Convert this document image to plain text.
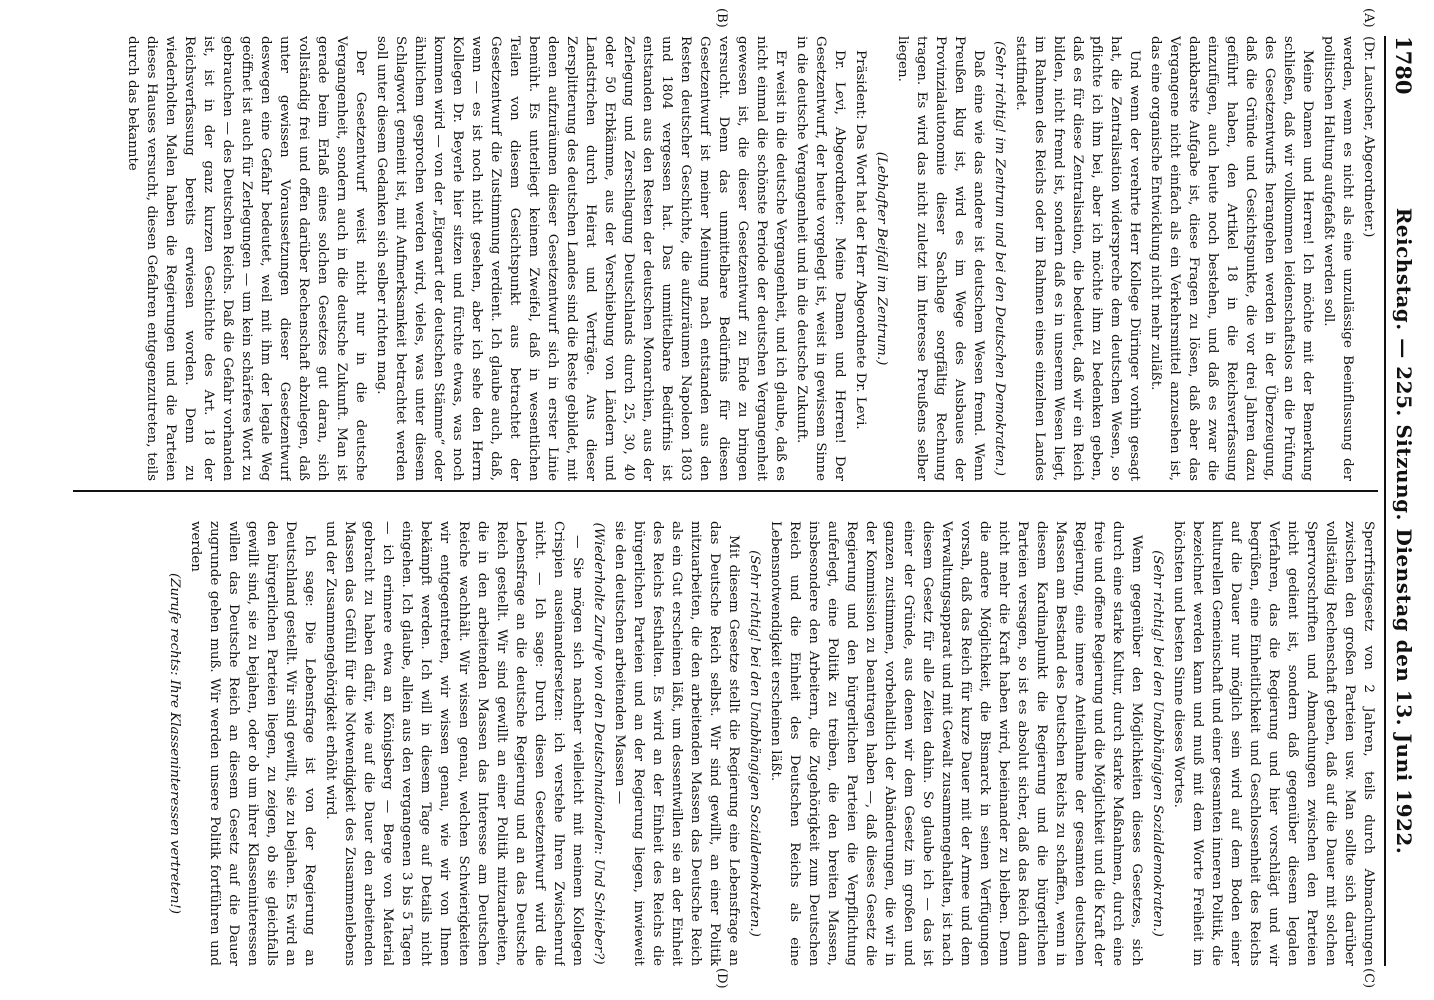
1780
Reichstag. — 225. Sitzung. Dienstag den 13. Juni 1922.
(A)
(B)
(C)
(D)

(Dr. Lauscher, Abgeordneter.)

werden, wenn es nicht als eine unzulässige Beeinflussung der politischen Haltung aufgefaßt werden soll.

Meine Damen und Herren! Ich möchte mit der Bemerkung schließen, daß wir vollkommen leidenschaftslos an die Prüfung des Gesetzentwurfs herangehen werden in der Überzeugung, daß die Gründe und Gesichtspunkte, die vor drei Jahren dazu geführt haben, den Artikel 18 in die Reichsverfassung einzufügen, auch heute noch bestehen, und daß es zwar die dankbarste Aufgabe ist, diese Fragen zu lösen, daß aber das Vergangene nicht einfach als ein Verkehrsmittel anzusehen ist, das eine organische Entwicklung nicht mehr zuläßt.

Und wenn der verehrte Herr Kollege Düringer vorhin gesagt hat, die Zentralisation widerspreche dem deutschen Wesen, so pflichte ich ihm bei, aber ich möchte ihm zu bedenken geben, daß es für diese Zentralisation, die bedeutet, daß wir ein Reich bilden, nicht fremd ist, sondern daß es in unserem Wesen liegt, im Rahmen des Reichs oder im Rahmen eines einzelnen Landes stattfindet.

(Sehr richtig! im Zentrum und bei den Deutschen Demokraten.)

Daß eine wie das andere ist deutschem Wesen fremd. Wenn Preußen klug ist, wird es im Wege des Ausbaues der Provinzialautonomie dieser Sachlage sorgfältig Rechnung tragen. Es wird das nicht zuletzt im Interesse Preußens selber liegen.

(Lebhafter Beifall im Zentrum.)

Präsident: Das Wort hat der Herr Abgeordnete Dr. Levi.

Dr. Levi, Abgeordneter: Meine Damen und Herren! Der Gesetzentwurf, der heute vorgelegt ist, weist in gewissem Sinne in die deutsche Vergangenheit und in die deutsche Zukunft.

Er weist in die deutsche Vergangenheit, und ich glaube, daß es nicht einmal die schönste Periode der deutschen Vergangenheit gewesen ist, die dieser Gesetzentwurf zu Ende zu bringen versucht. Denn das unmittelbare Bedürfnis für diesen Gesetzentwurf ist meiner Meinung nach entstanden aus den Resten deutscher Geschichte, die aufzuräumen Napoleon 1803 und 1804 vergessen hat. Das unmittelbare Bedürfnis ist entstanden aus den Resten der deutschen Monarchien, aus der Zerlegung und Zerschlagung Deutschlands durch 25, 30, 40 oder 50 Erbkämme, aus der Verschiebung von Ländern und Landstrichen durch Heirat und Verträge. Aus dieser Zersplitterung des deutschen Landes sind die Reste gebildet, mit denen aufzuräumen dieser Gesetzentwurf sich in erster Linie bemüht. Es unterliegt keinem Zweifel, daß in wesentlichen Teilen von diesem Gesichtspunkt aus betrachtet der Gesetzentwurf die Zustimmung verdient. Ich glaube auch, daß, wenn — es ist noch nicht gesehen, aber ich sehe den Herrn Kollegen Dr. Beyerle hier sitzen und fürchte etwas, was noch kommen wird — von der „Eigenart der deutschen Stämme“ oder ähnlichem gesprochen werden wird, vieles, was unter diesem Schlagwort gemeint ist, mit Aufmerksamkeit betrachtet werden soll unter diesem Gedanken sich selber richten mag.

Der Gesetzentwurf weist nicht nur in die deutsche Vergangenheit, sondern auch in die deutsche Zukunft. Man ist gerade beim Erlaß eines solchen Gesetzes gut daran, sich vollständig frei und offen darüber Rechenschaft abzulegen, daß unter gewissen Voraussetzungen dieser Gesetzentwurf deswegen eine Gefahr bedeutet, weil mit ihm der legale Weg geöffnet ist auch für Zerlegungen — um kein schärferes Wort zu gebrauchen — des Deutschen Reichs. Daß die Gefahr vorhanden ist, ist in der ganz kurzen Geschichte des Art. 18 der Reichsverfassung bereits erwiesen worden. Denn zu wiederholten Malen haben die Regierungen und die Parteien dieses Hauses versucht, diesen Gefahren entgegenzutreten, teils durch das bekannte

Sperrfristgesetz von 2 Jahren, teils durch Abmachungen zwischen den großen Parteien usw. Man sollte sich darüber vollständig Rechenschaft geben, daß auf die Dauer mit solchen Sperrvorschriften und Abmachungen zwischen den Parteien nicht gedient ist, sondern daß gegenüber diesem legalen Verfahren, das die Regierung und hier vorschlägt und wir begrüßen, eine Einheitlichkeit und Geschlossenheit des Reichs auf die Dauer nur möglich sein wird auf dem Boden einer kulturellen Gemeinschaft und einer gesamten inneren Politik, die bezeichnet werden kann und muß mit dem Worte Freiheit im höchsten und besten Sinne dieses Wortes.

(Sehr richtig! bei den Unabhängigen Sozialdemokraten.)

Wenn gegenüber den Möglichkeiten dieses Gesetzes, sich durch eine starke Kultur, durch starke Maßnahmen, durch eine freie und offene Regierung und die Möglichkeit und die Kraft der Regierung, eine innere Anteilnahme der gesamten deutschen Massen am Bestand des Deutschen Reichs zu schaffen, wenn in diesem Kardinalpunkt die Regierung und die bürgerlichen Parteien versagen, so ist es absolut sicher, daß das Reich dann nicht mehr die Kraft haben wird, beieinander zu bleiben. Denn die andere Möglichkeit, die Bismarck in seinen Verfügungen vorsah, daß das Reich für kurze Dauer mit der Armee und dem Verwaltungsapparat und mit Gewalt zusammengehalten, ist nach diesem Gesetz für alle Zeiten dahin. So glaube ich — das ist einer der Gründe, aus denen wir dem Gesetz im großen und ganzen zustimmen, vorbehaltlich der Abänderungen, die wir in der Kommission zu beantragen haben —, daß dieses Gesetz die Regierung und den bürgerlichen Parteien die Verpflichtung auferlegt, eine Politik zu treiben, die den breiten Massen, insbesondere den Arbeitern, die Zugehörigkeit zum Deutschen Reich und die Einheit des Deutschen Reichs als eine Lebensnotwendigkeit erscheinen läßt.

(Sehr richtig! bei den Unabhängigen Sozialdemokraten.)

Mit diesem Gesetze stellt die Regierung eine Lebensfrage an das Deutsche Reich selbst. Wir sind gewillt, an einer Politik mitzuarbeiten, die den arbeitenden Massen das Deutsche Reich als ein Gut erscheinen läßt, um dessentwillen sie an der Einheit des Reichs festhalten. Es wird an der Einheit des Reichs die bürgerlichen Parteien und an der Regierung liegen, inwieweit sie den deutschen arbeitenden Massen —

(Wiederholte Zurufe von den Deutschnationalen: Und Schieber?)

— Sie mögen sich nachher vielleicht mit meinem Kollegen Crispien auseinandersetzen: ich verstehe Ihren Zwischenruf nicht. — Ich sage: Durch diesen Gesetzentwurf wird die Lebensfrage an die deutsche Regierung und an das Deutsche Reich gestellt. Wir sind gewillt an einer Politik mitzuarbeiten, die in den arbeitenden Massen das Interesse am Deutschen Reiche wachhält. Wir wissen genau, welchen Schwierigkeiten wir entgegentreten, wir wissen genau, wie wir von Ihnen bekämpft werden. Ich will in diesem Tage auf Details nicht eingehen. Ich glaube, allein aus den vergangenen 3 bis 5 Tagen — ich erinnere etwa an Königsberg — Berge von Material gebracht zu haben dafür, wie auf die Dauer den arbeitenden Massen das Gefühl für die Notwendigkeit des Zusammenlebens und der Zusammengehörigkeit erhöht wird.

Ich sage: Die Lebensfrage ist von der Regierung an Deutschland gestellt. Wir sind gewillt, sie zu bejahen. Es wird an den bürgerlichen Parteien liegen, zu zeigen, ob sie gleichfalls gewillt sind, sie zu bejahen, oder ob um ihrer Klasseninteressen willen das Deutsche Reich an diesem Gesetz auf die Dauer zugrunde gehen muß. Wir werden unsere Politik fortführen und werden

(Zurufe rechts: Ihre Klasseninteressen vertreten!)
